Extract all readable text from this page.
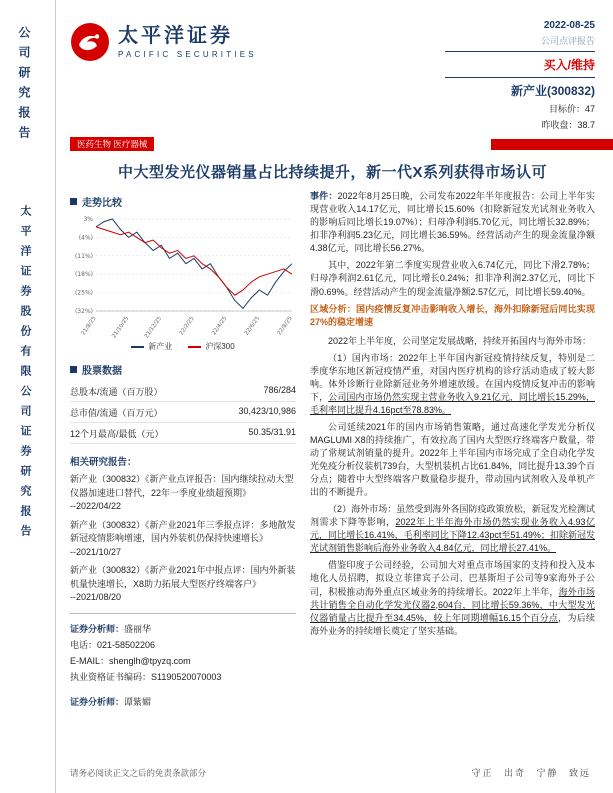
公司研究报告
太平洋证券股份有限公司证券研究报告
太平洋证券
PACIFIC SECURITIES
2022-08-25
公司点评报告
买入/维持
新产业(300832)
目标价：47
昨收盘：38.7
医药生物 医疗器械
中大型发光仪器销量占比持续提升，新一代X系列获得市场认可
走势比较
3%
(4%)
(11%)
(18%)
(25%)
(32%)
21/8/25 21/10/25 21/12/25	22/2/25	22/4/25	22/6/25	22/8/25
新产业	沪深300
股票数据
总股本/流通（百万股）	786/284
总市值/流通（百万元）	30,423/10,986
12个月最高/最低（元）	50.35/31.91
相关研究报告：
新产业（300832）《新产业点评报告：国内继续拉动大型仪器加速进口替代，22年一季度业绩超预期》
--2022/04/22
新产业（300832）《新产业2021年三季报点评：多地散发新冠疫情影响增速，国内外装机仍保持快速增长》
--2021/10/27
新产业（300832）《新产业2021年中报点评：国内外新装机量快速增长，X8助力拓展大型医疗终端客户》
--2021/08/20
证券分析师：盛丽华
电话：021-58502206
E-MAIL：shenglh@tpyzq.com
执业资格证书编码：S1190520070003
证券分析师：谭紫媚

事件：2022年8月25日晚，公司发布2022年半年度报告：公司上半年实现营业收入14.17亿元，同比增长15.60%（扣除新冠发光试剂业务收入的影响后同比增长19.07%）；归母净利润5.70亿元，同比增长32.89%；扣非净利润5.23亿元，同比增长36.59%。经营活动产生的现金流量净额4.38亿元，同比增长56.27%。

其中，2022年第二季度实现营业收入6.74亿元，同比下滑2.78%；归母净利润2.61亿元，同比增长0.24%；扣非净利润2.37亿元，同比下滑0.69%。经营活动产生的现金流量净额2.57亿元，同比增长59.40%。

区域分析：国内疫情反复冲击影响收入增长，海外扣除新冠后同比实现27%的稳定增速

2022年上半年度，公司坚定发展战略，持续开拓国内与海外市场：

（1）国内市场：2022年上半年国内新冠疫情持续反复，特别是二季度华东地区新冠疫情严重，对国内医疗机构的诊疗活动造成了较大影响。体外诊断行业除新冠业务外增速放缓。在国内疫情反复冲击的影响下，公司国内市场仍然实现主营业务收入9.21亿元，同比增长15.29%，毛利率同比提升4.16pct至78.83%。

公司延续2021年的国内市场销售策略，通过高速化学发光分析仪MAGLUMI X8的持续推广，有效拉高了国内大型医疗终端客户数量，带动了常规试剂销量的提升。2022年上半年国内市场完成了全自动化学发光免疫分析仪装机739台，大型机装机占比61.84%，同比提升13.39个百分点；随着中大型终端客户数量稳步提升，带动国内试剂收入及单机产出的不断提升。

（2）海外市场：虽然受到海外各国防疫政策放松，新冠发光检测试剂需求下降等影响，2022年上半年海外市场仍然实现业务收入4.93亿元，同比增长16.41%，毛利率同比下降12.43pct至51.49%；扣除新冠发光试剂销售影响后海外业务收入4.84亿元，同比增长27.41%。

借鉴印度子公司经验，公司加大对重点市场国家的支持和投入及本地化人员招聘，拟设立菲律宾子公司、巴基斯坦子公司等9家海外子公司，积极推动海外重点区域业务的持续增长。2022年上半年，海外市场共计销售全自动化学发光仪器2,604台，同比增长59.36%，中大型发光仪器销量占比提升至34.45%，较上年同期增幅16.15个百分点，为后续海外业务的持续增长奠定了坚实基础。

请务必阅读正文之后的免责条款部分	守正 出奇 宁静 致远
